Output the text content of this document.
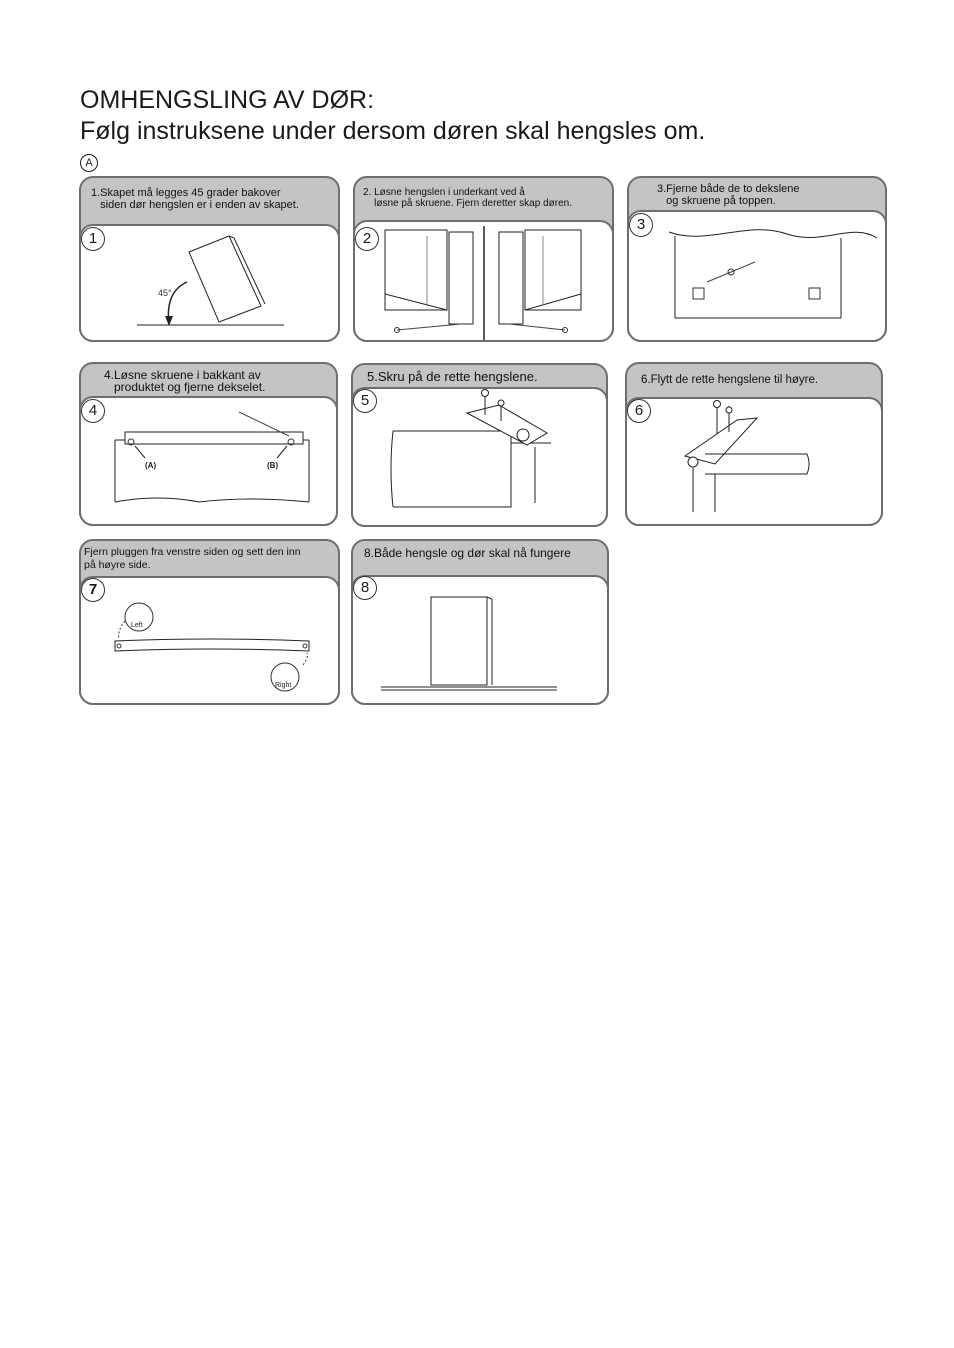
OMHENGSLING AV DØR:
Følg instruksene under dersom døren skal hengsles om.
A
1.Skapet må legges 45 grader bakover
siden dør hengslen er i enden av skapet.
1
45°
2. Løsne hengslen i underkant ved å
løsne på skruene. Fjern deretter skap døren.
2
3.Fjerne både de to dekslene
og skruene på toppen.
3
4.Løsne skruene i bakkant av
produktet og fjerne dekselet.
4
(A)	(B)
5.Skru på de rette hengslene.
5
6.Flytt de rette hengslene til høyre.
6
Fjern pluggen fra venstre siden og sett den inn
på høyre side.
7
Left
Right
8.Både hengsle og dør skal nå fungere
8
